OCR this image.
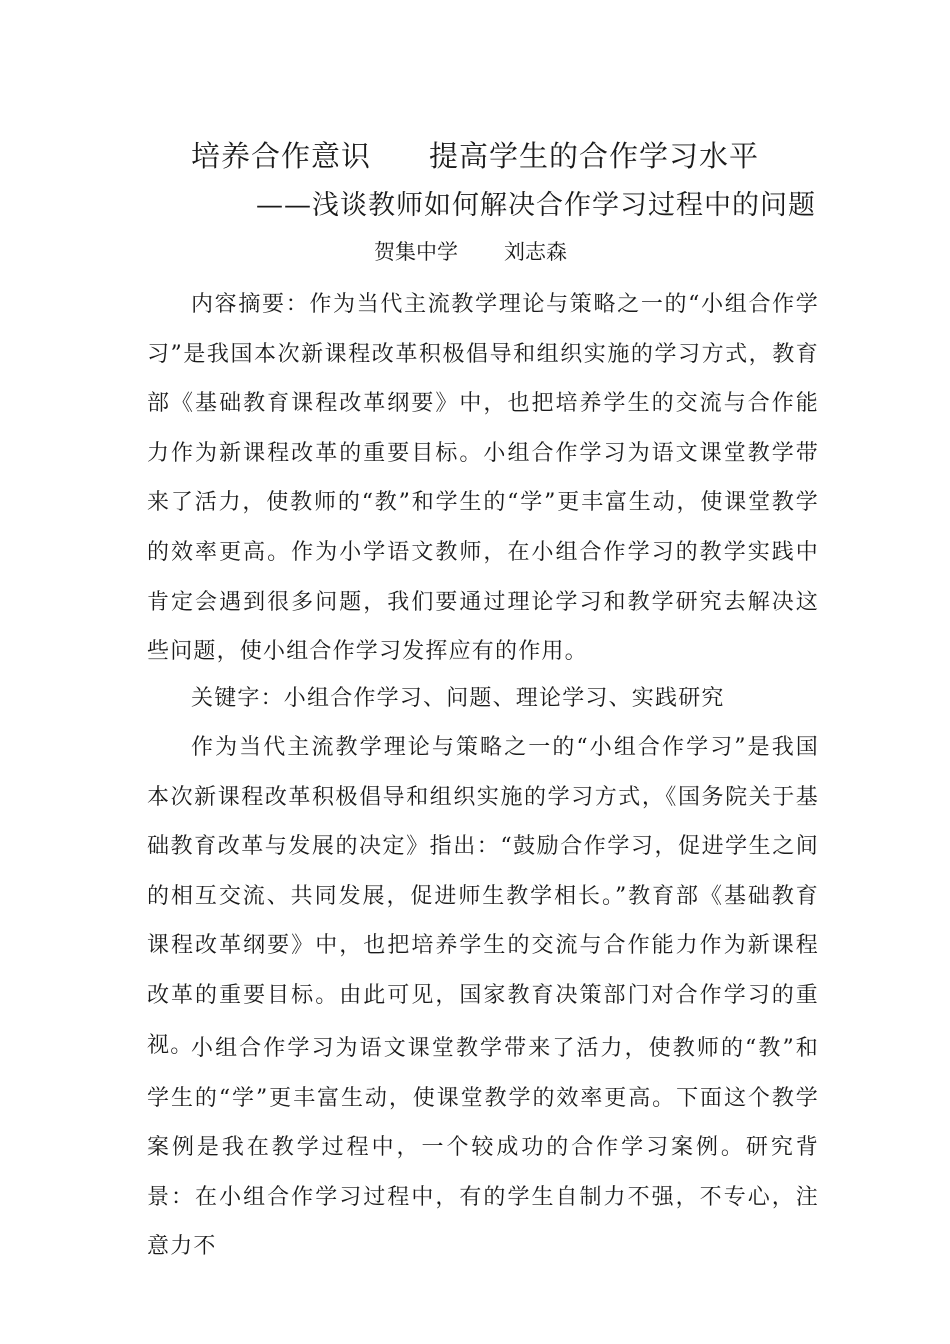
培养合作意识 提高学生的合作学习水平
——浅谈教师如何解决合作学习过程中的问题
贺集中学 刘志森

内容摘要：作为当代主流教学理论与策略之一的“小组合作学习”是我国本次新课程改革积极倡导和组织实施的学习方式，教育部《基础教育课程改革纲要》中，也把培养学生的交流与合作能力作为新课程改革的重要目标。小组合作学习为语文课堂教学带来了活力，使教师的“教”和学生的“学”更丰富生动，使课堂教学的效率更高。作为小学语文教师，在小组合作学习的教学实践中肯定会遇到很多问题，我们要通过理论学习和教学研究去解决这些问题，使小组合作学习发挥应有的作用。

关键字：小组合作学习、问题、理论学习、实践研究

作为当代主流教学理论与策略之一的“小组合作学习”是我国本次新课程改革积极倡导和组织实施的学习方式，《国务院关于基础教育改革与发展的决定》指出：“鼓励合作学习，促进学生之间的相互交流、共同发展，促进师生教学相长。”教育部《基础教育课程改革纲要》中，也把培养学生的交流与合作能力作为新课程改革的重要目标。由此可见，国家教育决策部门对合作学习的重视。

小组合作学习为语文课堂教学带来了活力，使教师的“教”和学生的“学”更丰富生动，使课堂教学的效率更高。下面这个教学案例是我在教学过程中，一个较成功的合作学习案例。研究背景：在小组合作学习过程中，有的学生自制力不强，不专心，注意力不
